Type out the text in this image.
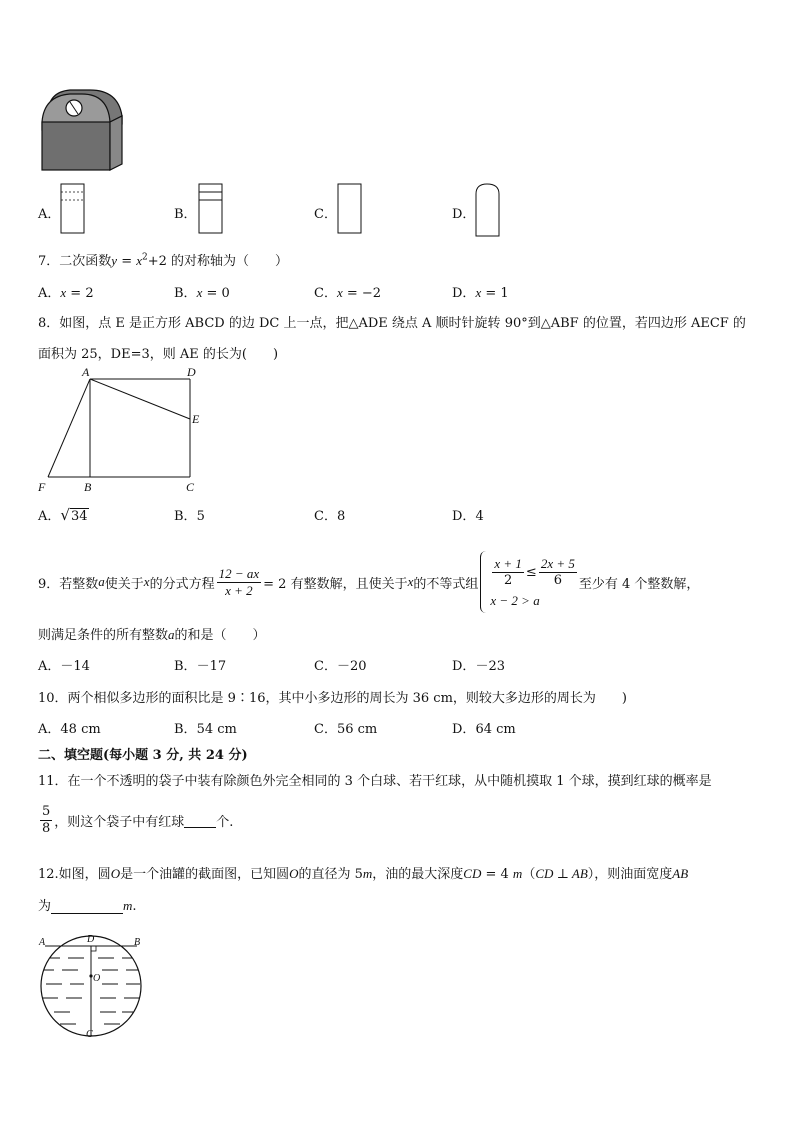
A．	B．	C．	D．
7．二次函数$y = x^2+2$ 的对称轴为（　　）
A．x = 2	B．x = 0	C．x = −2	D．x = 1
8．如图，点 E 是正方形 ABCD 的边 DC 上一点，把△ADE 绕点 A 顺时针旋转 90°到△ABF 的位置，若四边形 AECF 的
面积为 25，DE=3，则 AE 的长为(　　)
A	D
E
F	B	C
A．√34	B．5	C．8	D．4
9．若整数 a 使关于 x 的分式方程 $\frac{12 - ax}{x + 2} = 2$ 有整数解，且使关于 x 的不等式组 $\frac{x + 1}{2} \le \frac{2x + 5}{6}$
x − 2 > a
至少有 4 个整数解，
则满足条件的所有整数a的和是（　　）
A．－14	B．－17	C．－20	D．－23
10．两个相似多边形的面积比是 9∶16，其中小多边形的周长为 36 cm，则较大多边形的周长为　　)
A．48 cm	B．54 cm	C．56 cm	D．64 cm
二、填空题(每小题 3 分, 共 24 分)
11．在一个不透明的袋子中装有除颜色外完全相同的 3 个白球、若干红球，从中随机摸取 1 个球，摸到红球的概率是
$\frac{5}{8}$ ，则这个袋子中有红球 个.
12.如图，圆O是一个油罐的截面图，已知圆O的直径为 5m，油的最大深度CD = 4 m（CD ⊥ AB），则油面宽度AB
为	m.
A	D	B
O
C
